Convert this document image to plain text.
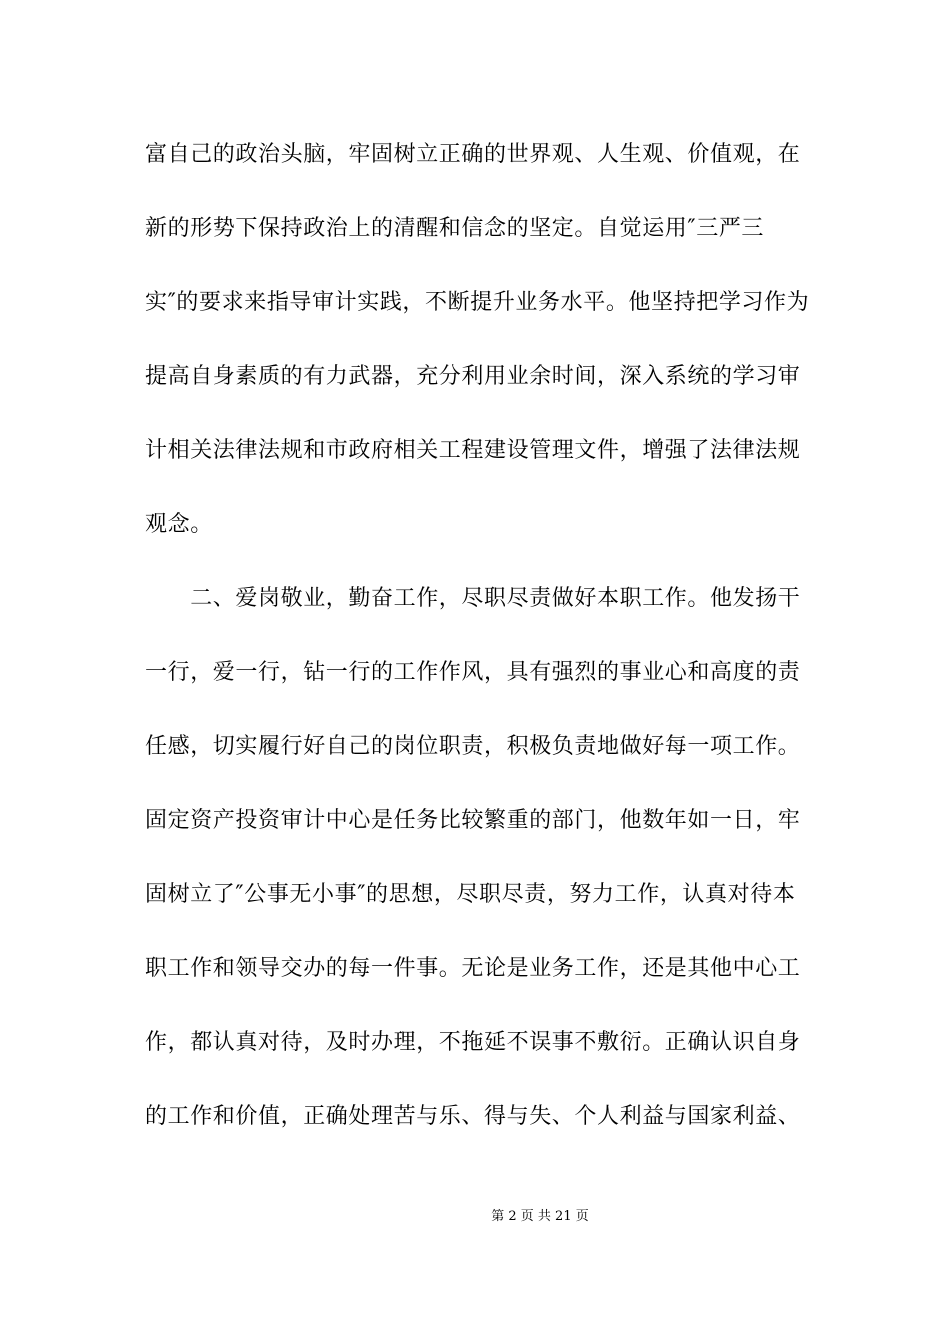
富自己的政治头脑，牢固树立正确的世界观、人生观、价值观，在
新的形势下保持政治上的清醒和信念的坚定。自觉运用″三严三
实″的要求来指导审计实践，不断提升业务水平。他坚持把学习作为
提高自身素质的有力武器，充分利用业余时间，深入系统的学习审
计相关法律法规和市政府相关工程建设管理文件，增强了法律法规
观念。
　　二、爱岗敬业，勤奋工作，尽职尽责做好本职工作。他发扬干
一行，爱一行，钻一行的工作作风，具有强烈的事业心和高度的责
任感，切实履行好自己的岗位职责，积极负责地做好每一项工作。
固定资产投资审计中心是任务比较繁重的部门，他数年如一日，牢
固树立了″公事无小事″的思想，尽职尽责，努力工作，认真对待本
职工作和领导交办的每一件事。无论是业务工作，还是其他中心工
作，都认真对待，及时办理，不拖延不误事不敷衍。正确认识自身
的工作和价值，正确处理苦与乐、得与失、个人利益与国家利益、
第 2 页 共 21 页
